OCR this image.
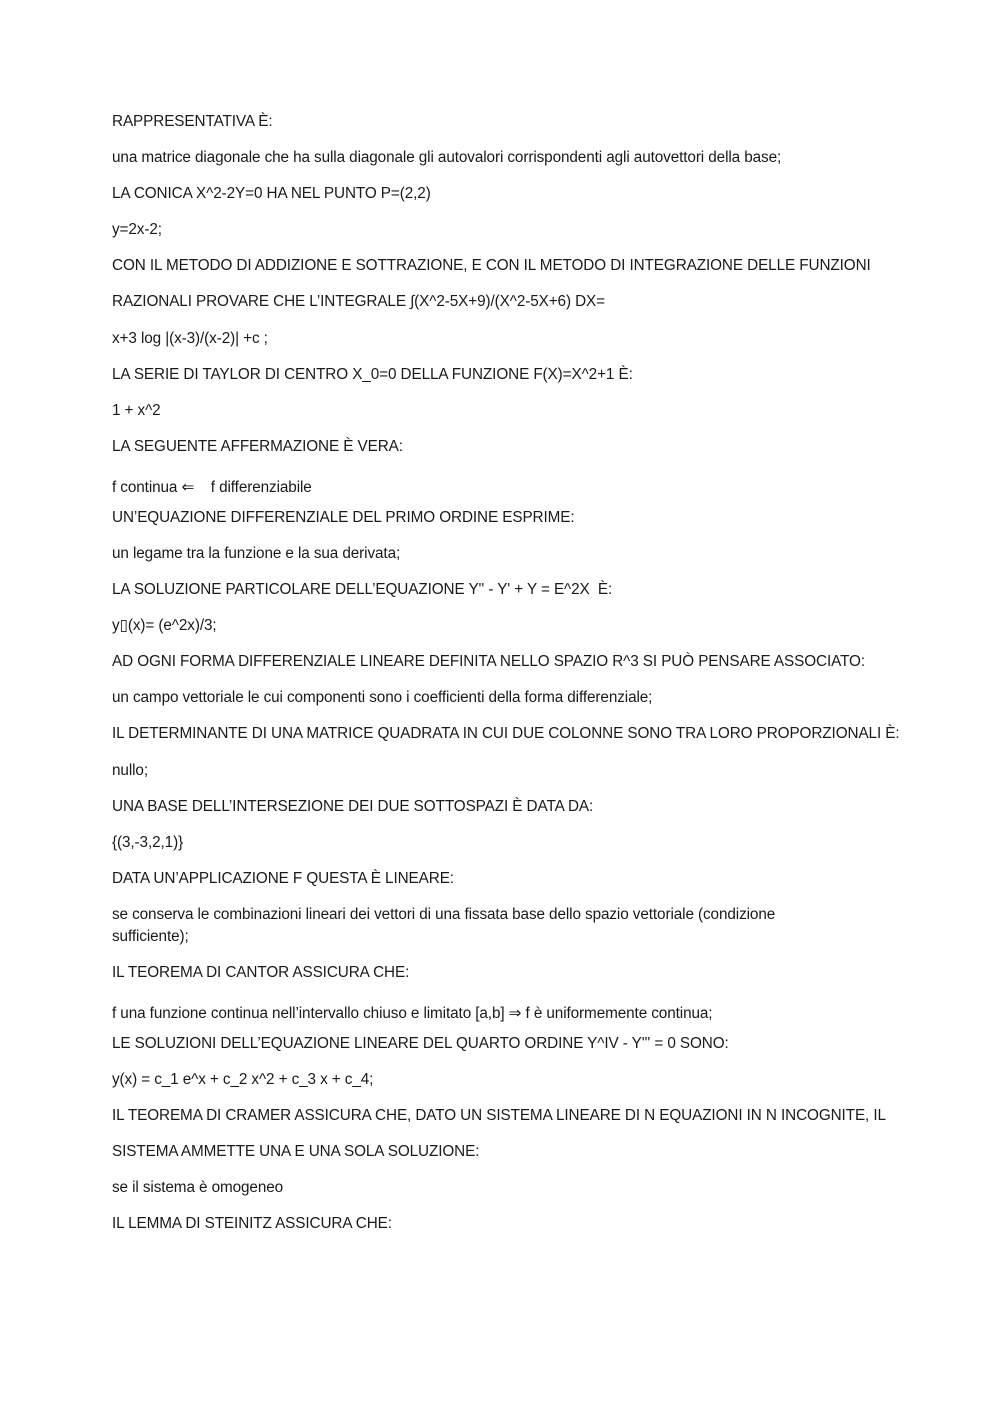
RAPPRESENTATIVA È:

una matrice diagonale che ha sulla diagonale gli autovalori corrispondenti agli autovettori della base;

LA CONICA X^2-2Y=0 HA NEL PUNTO P=(2,2)

y=2x-2;

CON IL METODO DI ADDIZIONE E SOTTRAZIONE, E CON IL METODO DI INTEGRAZIONE DELLE FUNZIONI

RAZIONALI PROVARE CHE L’INTEGRALE ∫(X^2-5X+9)/(X^2-5X+6) DX=

x+3 log |(x-3)/(x-2)| +c ;

LA SERIE DI TAYLOR DI CENTRO X_0=0 DELLA FUNZIONE F(X)=X^2+1 È:

1 + x^2

LA SEGUENTE AFFERMAZIONE È VERA:

f continua ⇐    f differenziabile

UN’EQUAZIONE DIFFERENZIALE DEL PRIMO ORDINE ESPRIME:

un legame tra la funzione e la sua derivata;

LA SOLUZIONE PARTICOLARE DELL’EQUAZIONE Y'' - Y' + Y = E^2X  È:

y▯(x)= (e^2x)/3;

AD OGNI FORMA DIFFERENZIALE LINEARE DEFINITA NELLO SPAZIO R^3 SI PUÒ PENSARE ASSOCIATO:

un campo vettoriale le cui componenti sono i coefficienti della forma differenziale;

IL DETERMINANTE DI UNA MATRICE QUADRATA IN CUI DUE COLONNE SONO TRA LORO PROPORZIONALI È:

nullo;

UNA BASE DELL’INTERSEZIONE DEI DUE SOTTOSPAZI È DATA DA:

{(3,-3,2,1)}

DATA UN’APPLICAZIONE F QUESTA È LINEARE:

se conserva le combinazioni lineari dei vettori di una fissata base dello spazio vettoriale (condizione sufficiente);

IL TEOREMA DI CANTOR ASSICURA CHE:

f una funzione continua nell’intervallo chiuso e limitato [a,b] ⇒ f è uniformemente continua;

LE SOLUZIONI DELL’EQUAZIONE LINEARE DEL QUARTO ORDINE Y^IV - Y''' = 0 SONO:

y(x) = c_1 e^x + c_2 x^2 + c_3 x + c_4;

IL TEOREMA DI CRAMER ASSICURA CHE, DATO UN SISTEMA LINEARE DI N EQUAZIONI IN N INCOGNITE, IL

SISTEMA AMMETTE UNA E UNA SOLA SOLUZIONE:

se il sistema è omogeneo

IL LEMMA DI STEINITZ ASSICURA CHE:
